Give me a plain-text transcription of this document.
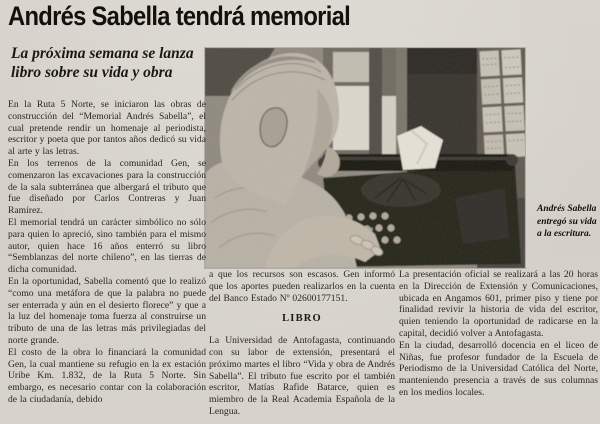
Andrés Sabella tendrá memorial
La próxima semana se lanza libro sobre su vida y obra

Andrés Sabella entregó su vida a la escritura.

En la Ruta 5 Norte, se iniciaron las obras de construcción del “Memorial Andrés Sabella”, el cual pretende rendir un homenaje al periodista, escritor y poeta que por tantos años dedicó su vida al arte y las letras.

En los terrenos de la comunidad Gen, se comenzaron las excavaciones para la construcción de la sala subterránea que albergará el tributo que fue diseñado por Carlos Contreras y Juan Ramírez.

El memorial tendrá un carácter simbólico no sólo para quien lo apreció, sino también para el mismo autor, quien hace 16 años enterró su libro “Semblanzas del norte chileno”, en las tierras de dicha comunidad.

En la oportunidad, Sabella comentó que lo realizó “como una metáfora de que la palabra no puede ser enterrada y aún en el desierto florece” y que a la luz del homenaje toma fuerza al construirse un tributo de una de las letras más privilegiadas del norte grande.

El costo de la obra lo financiará la comunidad Gen, la cual mantiene su refugio en la ex estación Uribe Km. 1.832, de la Ruta 5 Norte. Sin embargo, es necesario contar con la colaboración de la ciudadanía, debido

a que los recursos son escasos. Gen informó que los aportes pueden realizarlos en la cuenta del Banco Estado Nº 02600177151.

LIBRO

La Universidad de Antofagasta, continuando con su labor de extensión, presentará el próximo martes el libro “Vida y obra de Andrés Sabella”. El tributo fue escrito por el también escritor, Matías Rafide Batarce, quien es miembro de la Real Academia Española de la Lengua.

La presentación oficial se realizará a las 20 horas en la Dirección de Extensión y Comunicaciones, ubicada en Angamos 601, primer piso y tiene por finalidad revivir la historia de vida del escritor, quien teniendo la oportunidad de radicarse en la capital, decidió volver a Antofagasta.

En la ciudad, desarrolló docencia en el liceo de Niñas, fue profesor fundador de la Escuela de Periodismo de la Universidad Católica del Norte, manteniendo presencia a través de sus columnas en los medios locales.
